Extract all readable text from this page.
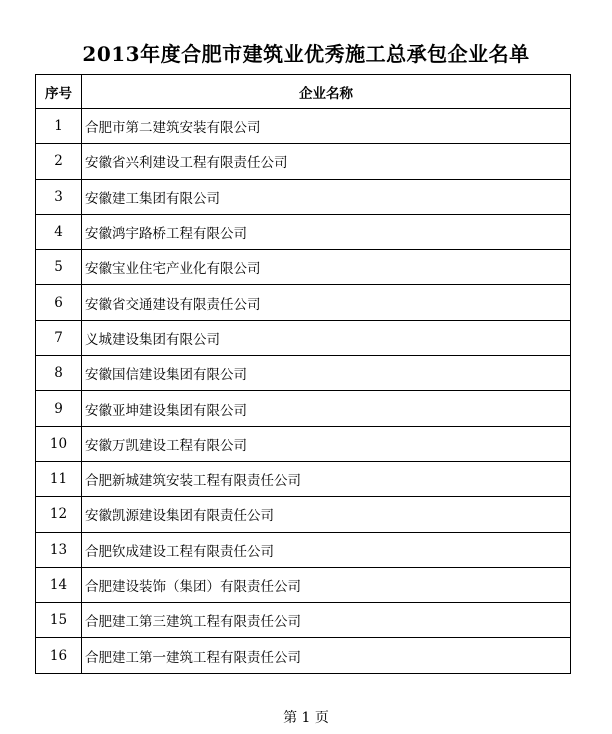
2013年度合肥市建筑业优秀施工总承包企业名单
序号	企业名称
1	合肥市第二建筑安装有限公司
2	安徽省兴利建设工程有限责任公司
3	安徽建工集团有限公司
4	安徽鸿宇路桥工程有限公司
5	安徽宝业住宅产业化有限公司
6	安徽省交通建设有限责任公司
7	义城建设集团有限公司
8	安徽国信建设集团有限公司
9	安徽亚坤建设集团有限公司
10	安徽万凯建设工程有限公司
11	合肥新城建筑安装工程有限责任公司
12	安徽凯源建设集团有限责任公司
13	合肥钦成建设工程有限责任公司
14	合肥建设装饰（集团）有限责任公司
15	合肥建工第三建筑工程有限责任公司
16	合肥建工第一建筑工程有限责任公司
第 1 页
